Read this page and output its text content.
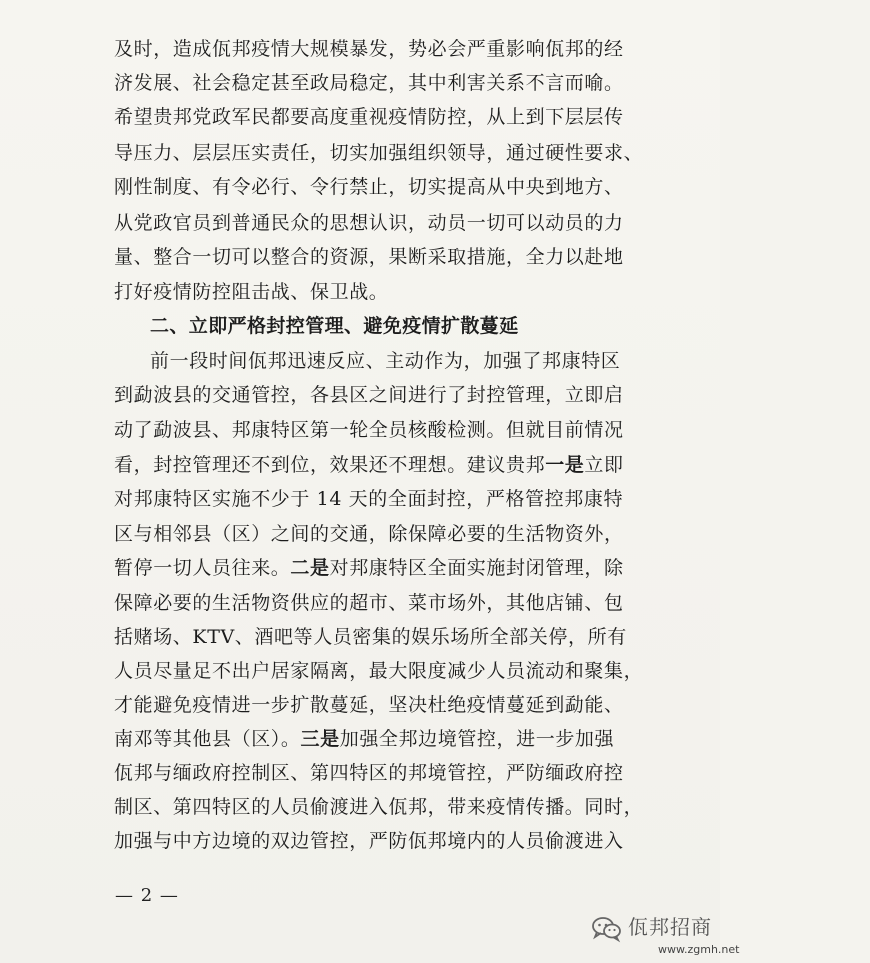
及时，造成佤邦疫情大规模暴发，势必会严重影响佤邦的经
济发展、社会稳定甚至政局稳定，其中利害关系不言而喻。
希望贵邦党政军民都要高度重视疫情防控，从上到下层层传
导压力、层层压实责任，切实加强组织领导，通过硬性要求、
刚性制度、有令必行、令行禁止，切实提高从中央到地方、
从党政官员到普通民众的思想认识，动员一切可以动员的力
量、整合一切可以整合的资源，果断采取措施，全力以赴地
打好疫情防控阻击战、保卫战。
二、立即严格封控管理、避免疫情扩散蔓延
前一段时间佤邦迅速反应、主动作为，加强了邦康特区
到勐波县的交通管控，各县区之间进行了封控管理，立即启
动了勐波县、邦康特区第一轮全员核酸检测。但就目前情况
看，封控管理还不到位，效果还不理想。建议贵邦一是立即
对邦康特区实施不少于 14 天的全面封控，严格管控邦康特
区与相邻县（区）之间的交通，除保障必要的生活物资外，
暂停一切人员往来。二是对邦康特区全面实施封闭管理，除
保障必要的生活物资供应的超市、菜市场外，其他店铺、包
括赌场、KTV、酒吧等人员密集的娱乐场所全部关停，所有
人员尽量足不出户居家隔离，最大限度减少人员流动和聚集，
才能避免疫情进一步扩散蔓延，坚决杜绝疫情蔓延到勐能、
南邓等其他县（区）。三是加强全邦边境管控，进一步加强
佤邦与缅政府控制区、第四特区的邦境管控，严防缅政府控
制区、第四特区的人员偷渡进入佤邦，带来疫情传播。同时，
加强与中方边境的双边管控，严防佤邦境内的人员偷渡进入
— 2 —
佤邦招商
www.zgmh.net
